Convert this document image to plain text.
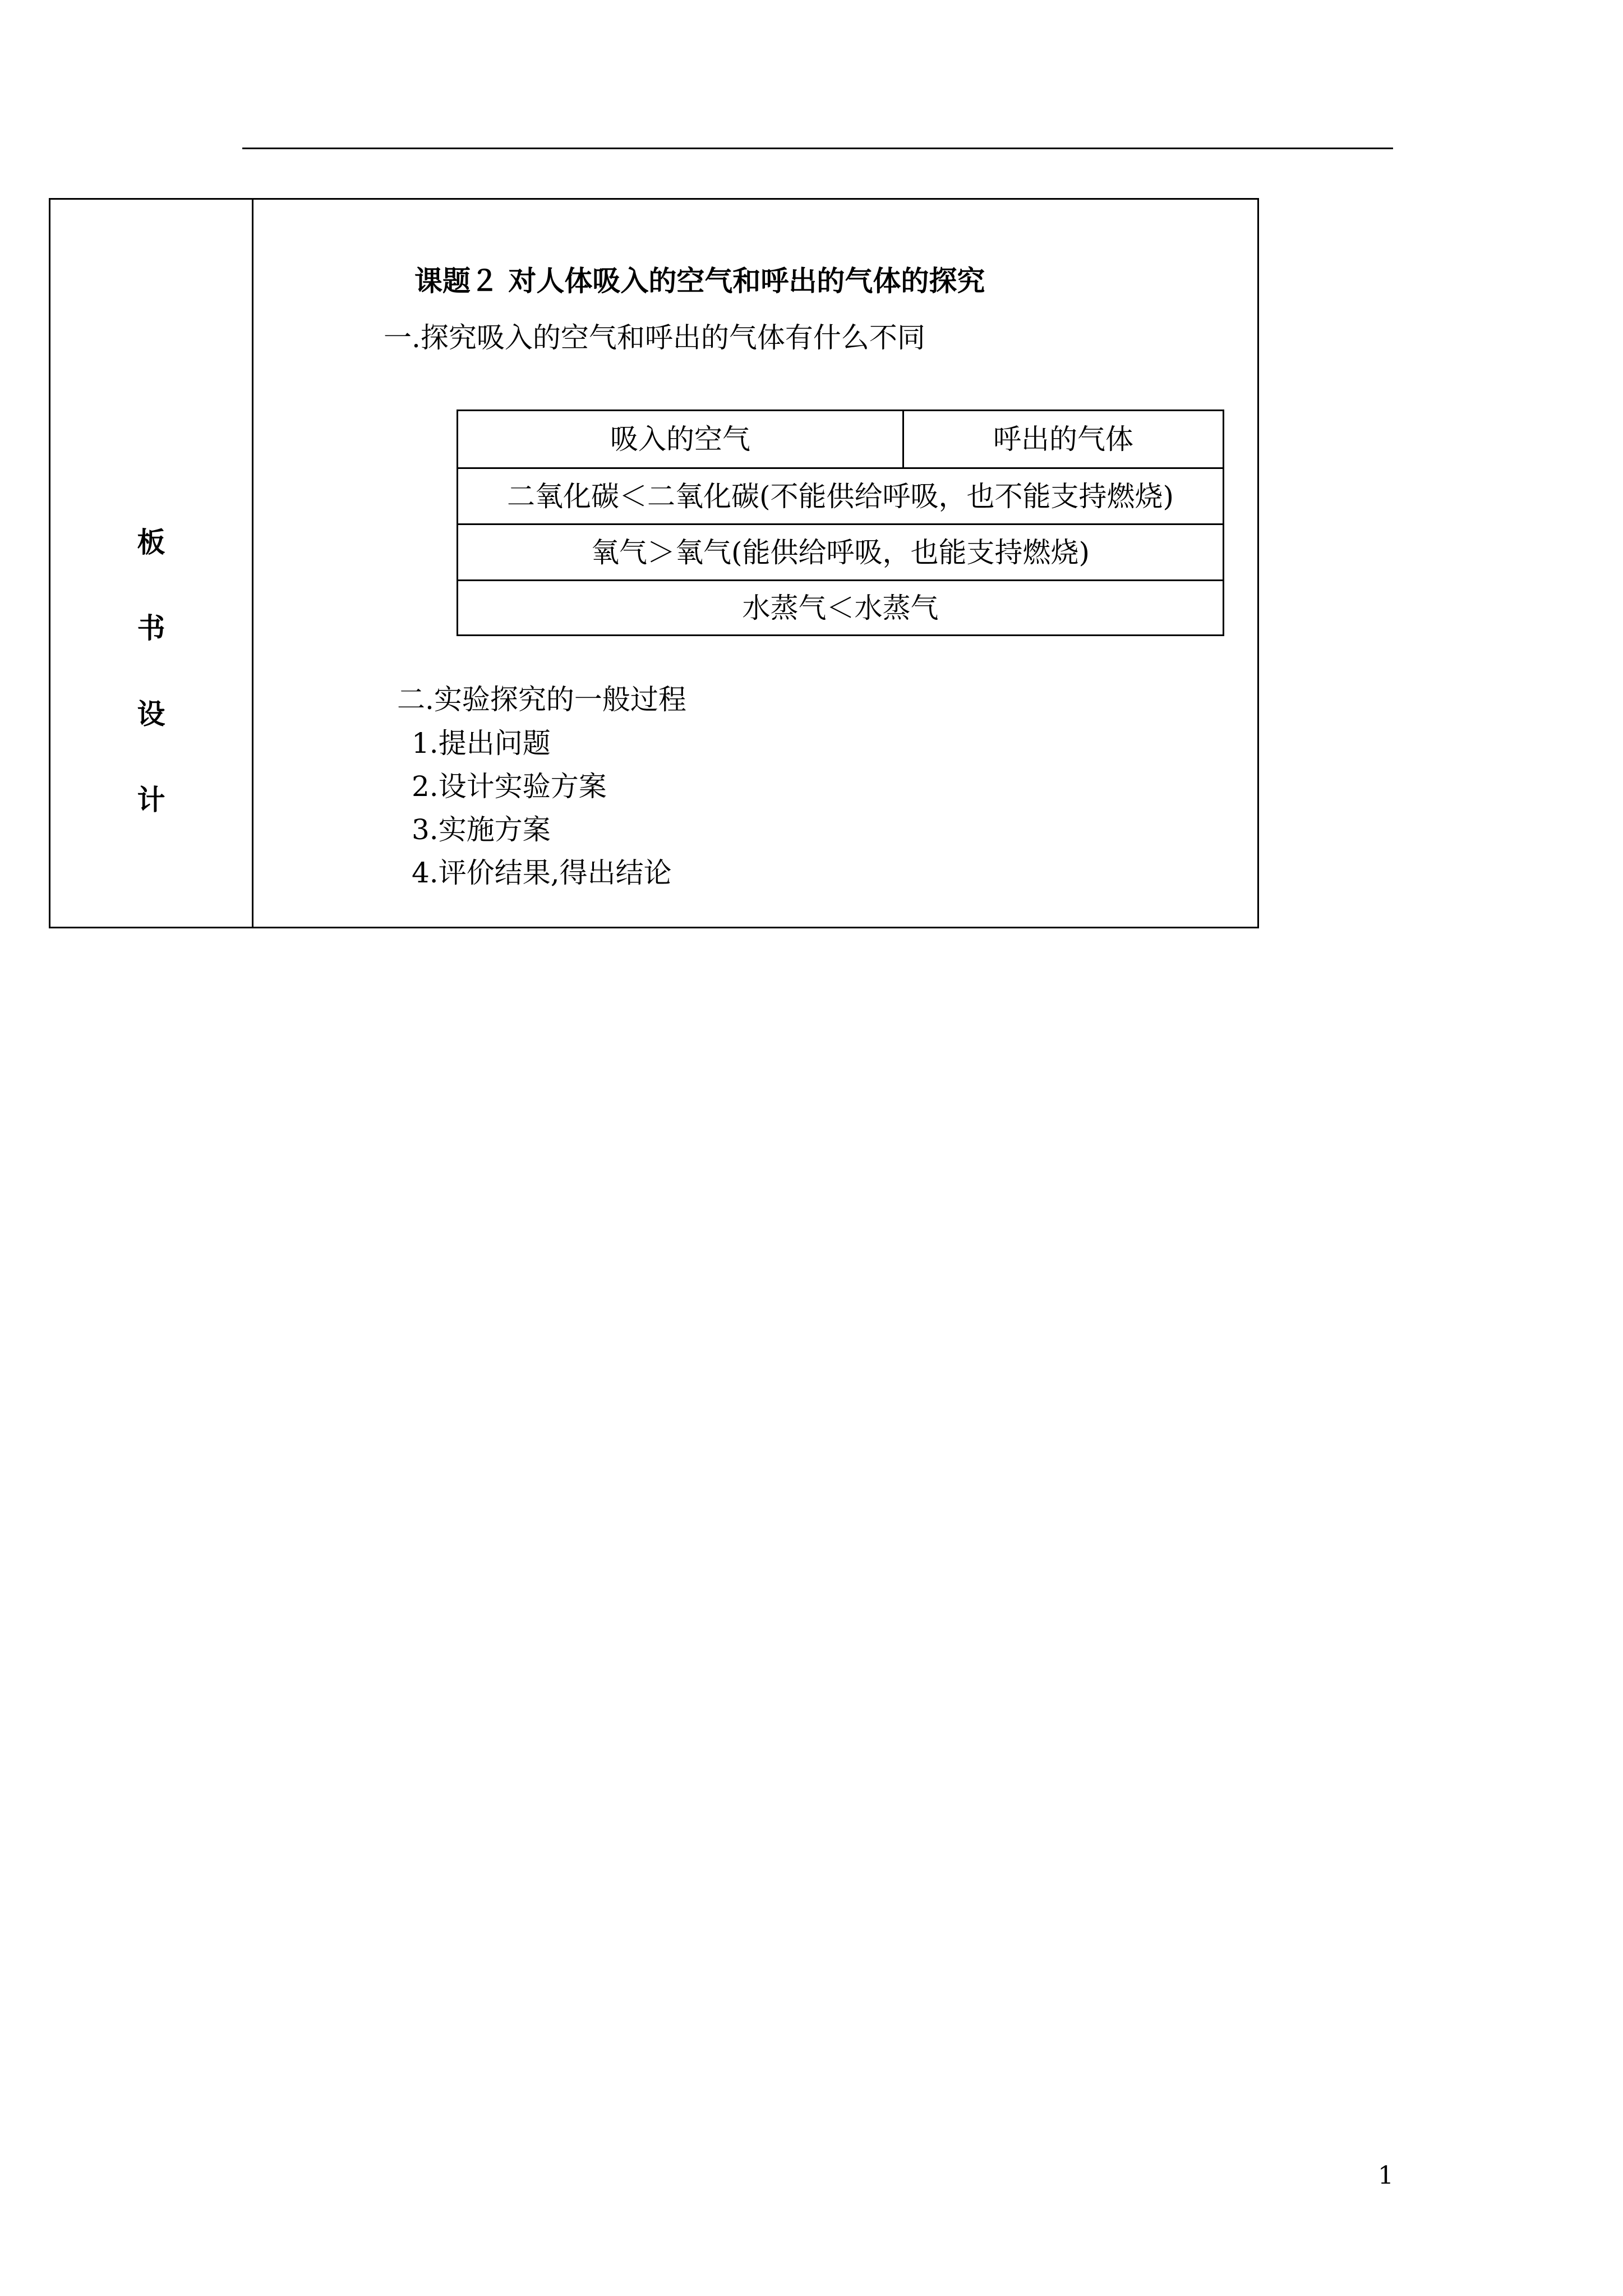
板
书
设
计
课题２ 对人体吸入的空气和呼出的气体的探究
一.探究吸入的空气和呼出的气体有什么不同
吸入的空气	呼出的气体
二氧化碳＜二氧化碳(不能供给呼吸，也不能支持燃烧)
氧气＞氧气(能供给呼吸，也能支持燃烧)
水蒸气＜水蒸气
二.实验探究的一般过程
1.提出问题
2.设计实验方案
3.实施方案
4.评价结果,得出结论
1
